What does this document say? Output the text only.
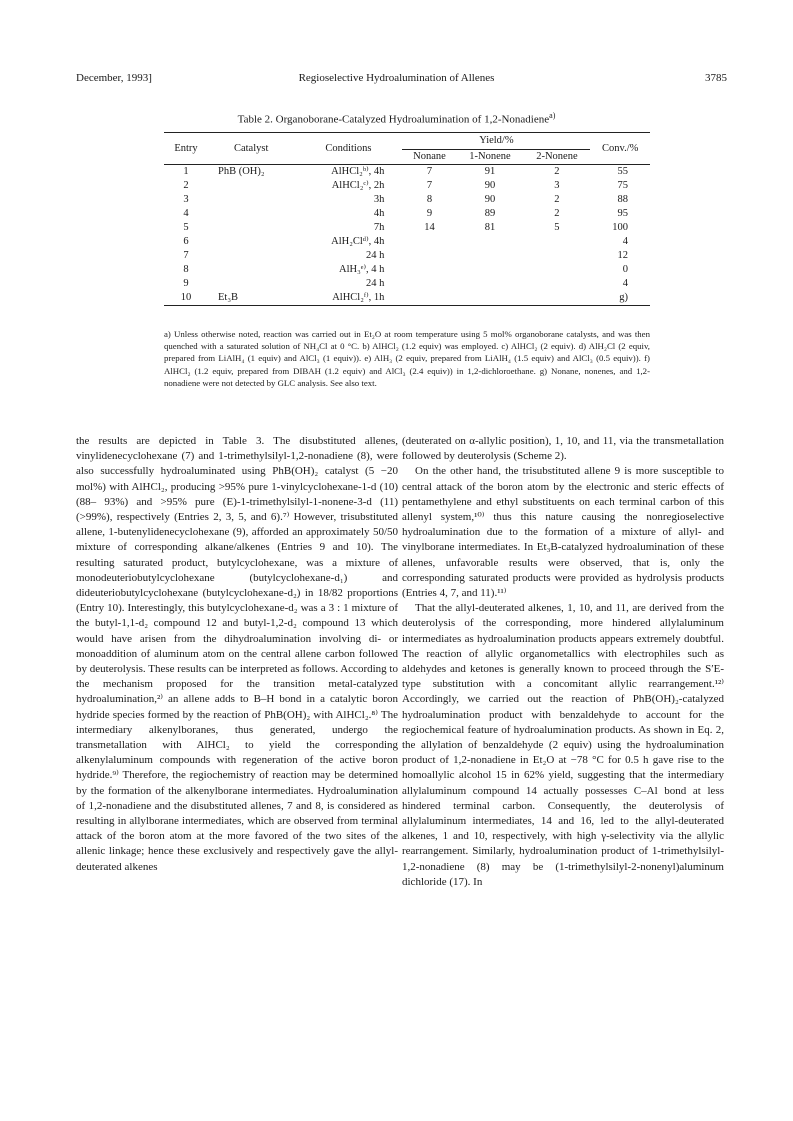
December, 1993]	Regioselective Hydroalumination of Allenes	3785
Table 2. Organoborane-Catalyzed Hydroalumination of 1,2-Nonadiene$^{a)}$
Entry	Catalyst	Conditions	Yield/%			Conv./%
			Nonane	1-Nonene	2-Nonene	
1	PhB (OH)₂	AlHCl₂ᵇ⁾, 4h	7	91	2	55
2		AlHCl₂ᶜ⁾, 2h	7	90	3	75
3		3h	8	90	2	88
4		4h	9	89	2	95
5		7h	14	81	5	100
6		AlH₂Clᵈ⁾, 4h				4
7		24 h				12
8		AlH₃ᵉ⁾, 4 h				0
9		24 h				4
10	Et₃B	AlHCl₂ᶠ⁾, 1h				g)

a) Unless otherwise noted, reaction was carried out in Et₂O at room temperature using 5 mol% organoborane catalysts, and was then quenched with a saturated solution of NH₄Cl at 0 °C. b) AlHCl₂ (1.2 equiv) was employed. c) AlHCl₂ (2 equiv). d) AlH₂Cl (2 equiv, prepared from LiAlH₄ (1 equiv) and AlCl₃ (1 equiv)). e) AlH₃ (2 equiv, prepared from LiAlH₄ (1.5 equiv) and AlCl₃ (0.5 equiv)). f) AlHCl₂ (1.2 equiv, prepared from DIBAH (1.2 equiv) and AlCl₃ (2.4 equiv)) in 1,2-dichloroethane. g) Nonane, nonenes, and 1,2-nonadiene were not detected by GLC analysis. See also text.

the results are depicted in Table 3. The disubstituted allenes, vinylidenecyclohexane (7) and 1-trimethylsilyl-1,2-nonadiene (8), were also successfully hydroaluminated using PhB(OH)₂ catalyst (5 −20 mol%) with AlHCl₂, producing >95% pure 1-vinylcyclohexane-1-d (10) (88– 93%) and >95% pure (E)-1-trimethylsilyl-1-nonene-3-d (11) (>99%), respectively (Entries 2, 3, 5, and 6).⁷⁾ However, trisubstituted allene, 1-butenylidenecyclohexane (9), afforded an approximately 50/50 mixture of corresponding alkane/alkenes (Entries 9 and 10). The resulting saturated product, butylcyclohexane, was a mixture of monodeuteriobutylcyclohexane (butylcyclohexane-d₁) and dideuteriobutylcyclohexane (butylcyclohexane-d₂) in 18/82 proportions (Entry 10). Interestingly, this butylcyclohexane-d₂ was a 3 : 1 mixture of the butyl-1,1-d₂ compound 12 and butyl-1,2-d₂ compound 13 which would have arisen from the dihydroalumination involving di- or monoaddition of aluminum atom on the central allene carbon followed by deuterolysis. These results can be interpreted as follows. According to the mechanism proposed for the transition metal-catalyzed hydroalumination,²⁾ an allene adds to B–H bond in a catalytic boron hydride species formed by the reaction of PhB(OH)₂ with AlHCl₂.⁸⁾ The intermediary alkenylboranes, thus generated, undergo the transmetallation with AlHCl₂ to yield the corresponding alkenylaluminum compounds with regeneration of the active boron hydride.⁹⁾ Therefore, the regiochemistry of reaction may be determined by the formation of the alkenylborane intermediates. Hydroalumination of 1,2-nonadiene and the disubstituted allenes, 7 and 8, is considered as resulting in allylborane intermediates, which are observed from terminal attack of the boron atom at the more favored of the two sites of the allenic linkage; hence these exclusively and respectively gave the allyl-deuterated alkenes

(deuterated on α-allylic position), 1, 10, and 11, via the transmetallation followed by deuterolysis (Scheme 2).

On the other hand, the trisubstituted allene 9 is more susceptible to central attack of the boron atom by the electronic and steric effects of pentamethylene and ethyl substituents on each terminal carbon of this allenyl system,¹⁰⁾ thus this nature causing the nonregioselective hydroalumination due to the formation of a mixture of allyl- and vinylborane intermediates. In Et₃B-catalyzed hydroalumination of these allenes, unfavorable results were observed, that is, only the corresponding saturated products were provided as hydrolysis products (Entries 4, 7, and 11).¹¹⁾

That the allyl-deuterated alkenes, 1, 10, and 11, are derived from the deuterolysis of the corresponding, more hindered allylaluminum intermediates as hydroalumination products appears extremely doubtful. The reaction of allylic organometallics with electrophiles such as aldehydes and ketones is generally known to proceed through the S′E-type substitution with a concomitant allylic rearrangement.¹²⁾ Accordingly, we carried out the reaction of PhB(OH)₂-catalyzed hydroalumination product with benzaldehyde to account for the regiochemical feature of hydroalumination products. As shown in Eq. 2, the allylation of benzaldehyde (2 equiv) using the hydroalumination product of 1,2-nonadiene in Et₂O at −78 °C for 0.5 h gave rise to the homoallylic alcohol 15 in 62% yield, suggesting that the intermediary allylaluminum compound 14 actually possesses C–Al bond at less hindered terminal carbon. Consequently, the deuterolysis of allylaluminum intermediates, 14 and 16, led to the allyl-deuterated alkenes, 1 and 10, respectively, with high γ-selectivity via the allylic rearrangement. Similarly, hydroalumination product of 1-trimethylsilyl-1,2-nonadiene (8) may be (1-trimethylsilyl-2-nonenyl)aluminum dichloride (17). In
